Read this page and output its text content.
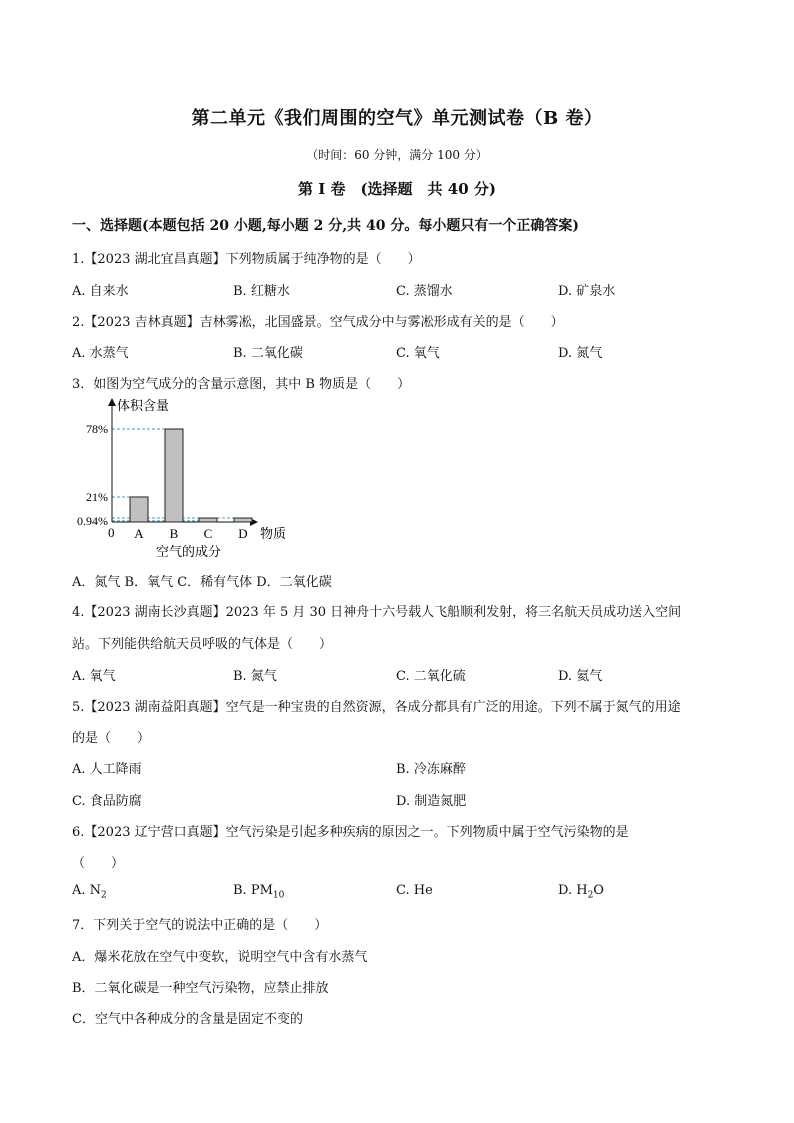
第二单元《我们周围的空气》单元测试卷（B 卷）
（时间：60 分钟，满分 100 分）
第 I 卷　(选择题　共 40 分)
一、选择题(本题包括 20 小题,每小题 2 分,共 40 分。每小题只有一个正确答案)
1.【2023 湖北宜昌真题】下列物质属于纯净物的是（　　）
A. 自来水	B. 红糖水	C. 蒸馏水	D. 矿泉水
2.【2023 吉林真题】吉林雾凇，北国盛景。空气成分中与雾凇形成有关的是（　　）
A. 水蒸气	B. 二氧化碳	C. 氧气	D. 氮气
3．如图为空气成分的含量示意图，其中 B 物质是（　　）
78%
21%
0.94%
A B C D
体积含量
物质
空气的成分
0
A．氮气 B．氧气 C．稀有气体 D．二氧化碳
4.【2023 湖南长沙真题】2023 年 5 月 30 日神舟十六号载人飞船顺利发射，将三名航天员成功送入空间
站。下列能供给航天员呼吸的气体是（　　）
A. 氧气	B. 氮气	C. 二氧化硫	D. 氦气
5.【2023 湖南益阳真题】空气是一种宝贵的自然资源，各成分都具有广泛的用途。下列不属于氮气的用途
的是（　　）
A. 人工降雨	B. 冷冻麻醉
C. 食品防腐	D. 制造氮肥
6.【2023 辽宁营口真题】空气污染是引起多种疾病的原因之一。下列物质中属于空气污染物的是
（　　）
A. $N_2$	B. $PM_{10}$	C. He	D. $H_2O$
7．下列关于空气的说法中正确的是（　　）
A．爆米花放在空气中变软，说明空气中含有水蒸气
B．二氧化碳是一种空气污染物，应禁止排放
C．空气中各种成分的含量是固定不变的
